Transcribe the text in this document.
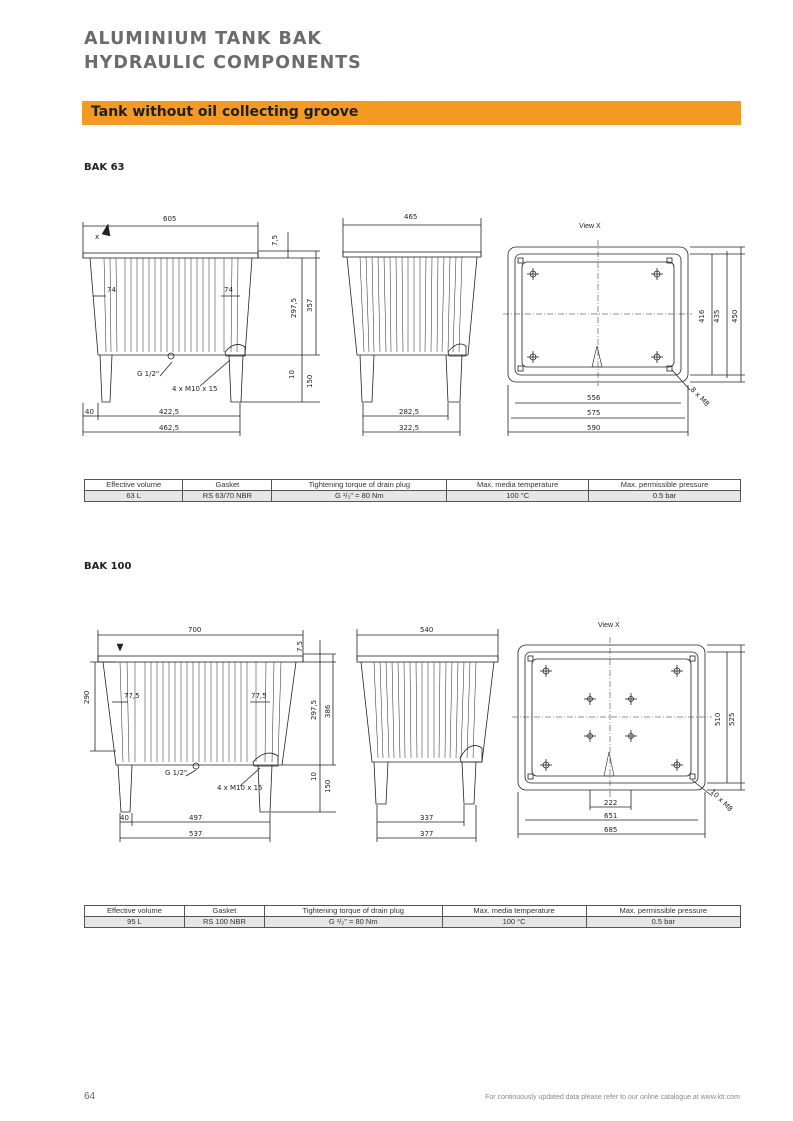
ALUMINIUM TANK BAK
HYDRAULIC COMPONENTS
Tank without oil collecting groove
BAK 63
605	465
View X
x	7,5
297,5 357
10
150
74	74
G 1/2"
4 x M10 x 15
40	422,5
462,5
282,5
322,5
556
575
590
416 435 450
8 x M8
Effective volume	Gasket	Tightening torque of drain plug	Max. media temperature	Max. permissible pressure
63 L	RS 63/70 NBR	G ¹/₂" = 80 Nm	100 °C	0.5 bar
BAK 100
700	540
View X
7,5
290
297,5 386
10
150
77,5	77,5
G 1/2"
4 x M10 x 15
40	497
537
337
377
222
651
685
510 525
10 x M8
Effective volume	Gasket	Tightening torque of drain plug	Max. media temperature	Max. permissible pressure
95 L	RS 100 NBR	G ¹/₂" = 80 Nm	100 °C	0.5 bar
64	For continuously updated data please refer to our online catalogue at www.ktr.com
